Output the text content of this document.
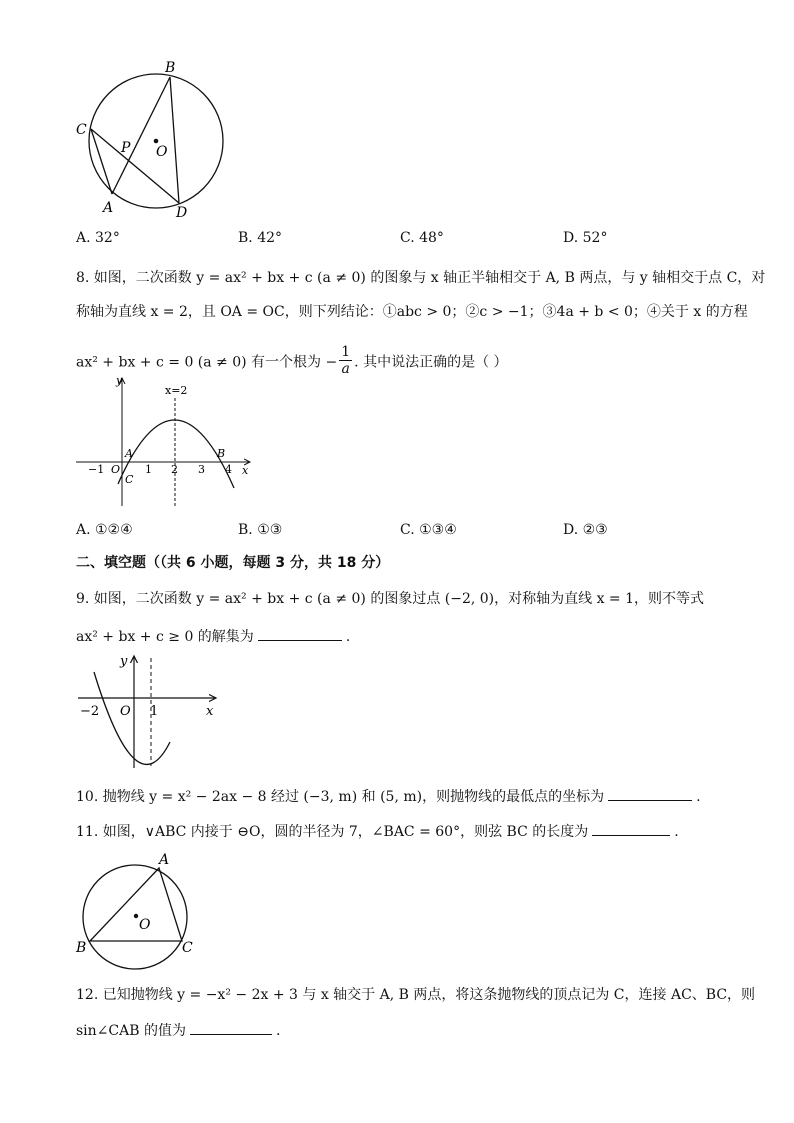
B
C
P O
A	D
A. 32°	B. 42°	C. 48°	D. 52°
8. 如图，二次函数 y = ax² + bx + c (a ≠ 0) 的图象与 x 轴正半轴相交于 A, B 两点，与 y 轴相交于点 C，对
称轴为直线 x = 2，且 OA = OC，则下列结论：①abc > 0；②c > −1；③4a + b < 0；④关于 x 的方程
ax² + bx + c = 0 (a ≠ 0) 有一个根为 − $\frac{1}{a}$ . 其中说法正确的是（ ）
y
x
x=2
A	B
C
O
−1	1 2 3 4
A. ①②④	B. ①③	C. ①③④	D. ②③
二、填空题（（共 6 小题，每题 3 分，共 18 分）
9. 如图，二次函数 y = ax² + bx + c (a ≠ 0) 的图象过点 (−2, 0)，对称轴为直线 x = 1，则不等式
ax² + bx + c ≥ 0 的解集为	.
y
x
O
−2	1
10. 抛物线 y = x² − 2ax − 8 经过 (−3, m) 和 (5, m)，则抛物线的最低点的坐标为	.
11. 如图，∨ABC 内接于 ⊖O，圆的半径为 7，∠BAC = 60°，则弦 BC 的长度为	.
A
B	C
O
12. 已知抛物线 y = −x² − 2x + 3 与 x 轴交于 A, B 两点，将这条抛物线的顶点记为 C，连接 AC、BC，则
sin∠CAB 的值为	.
